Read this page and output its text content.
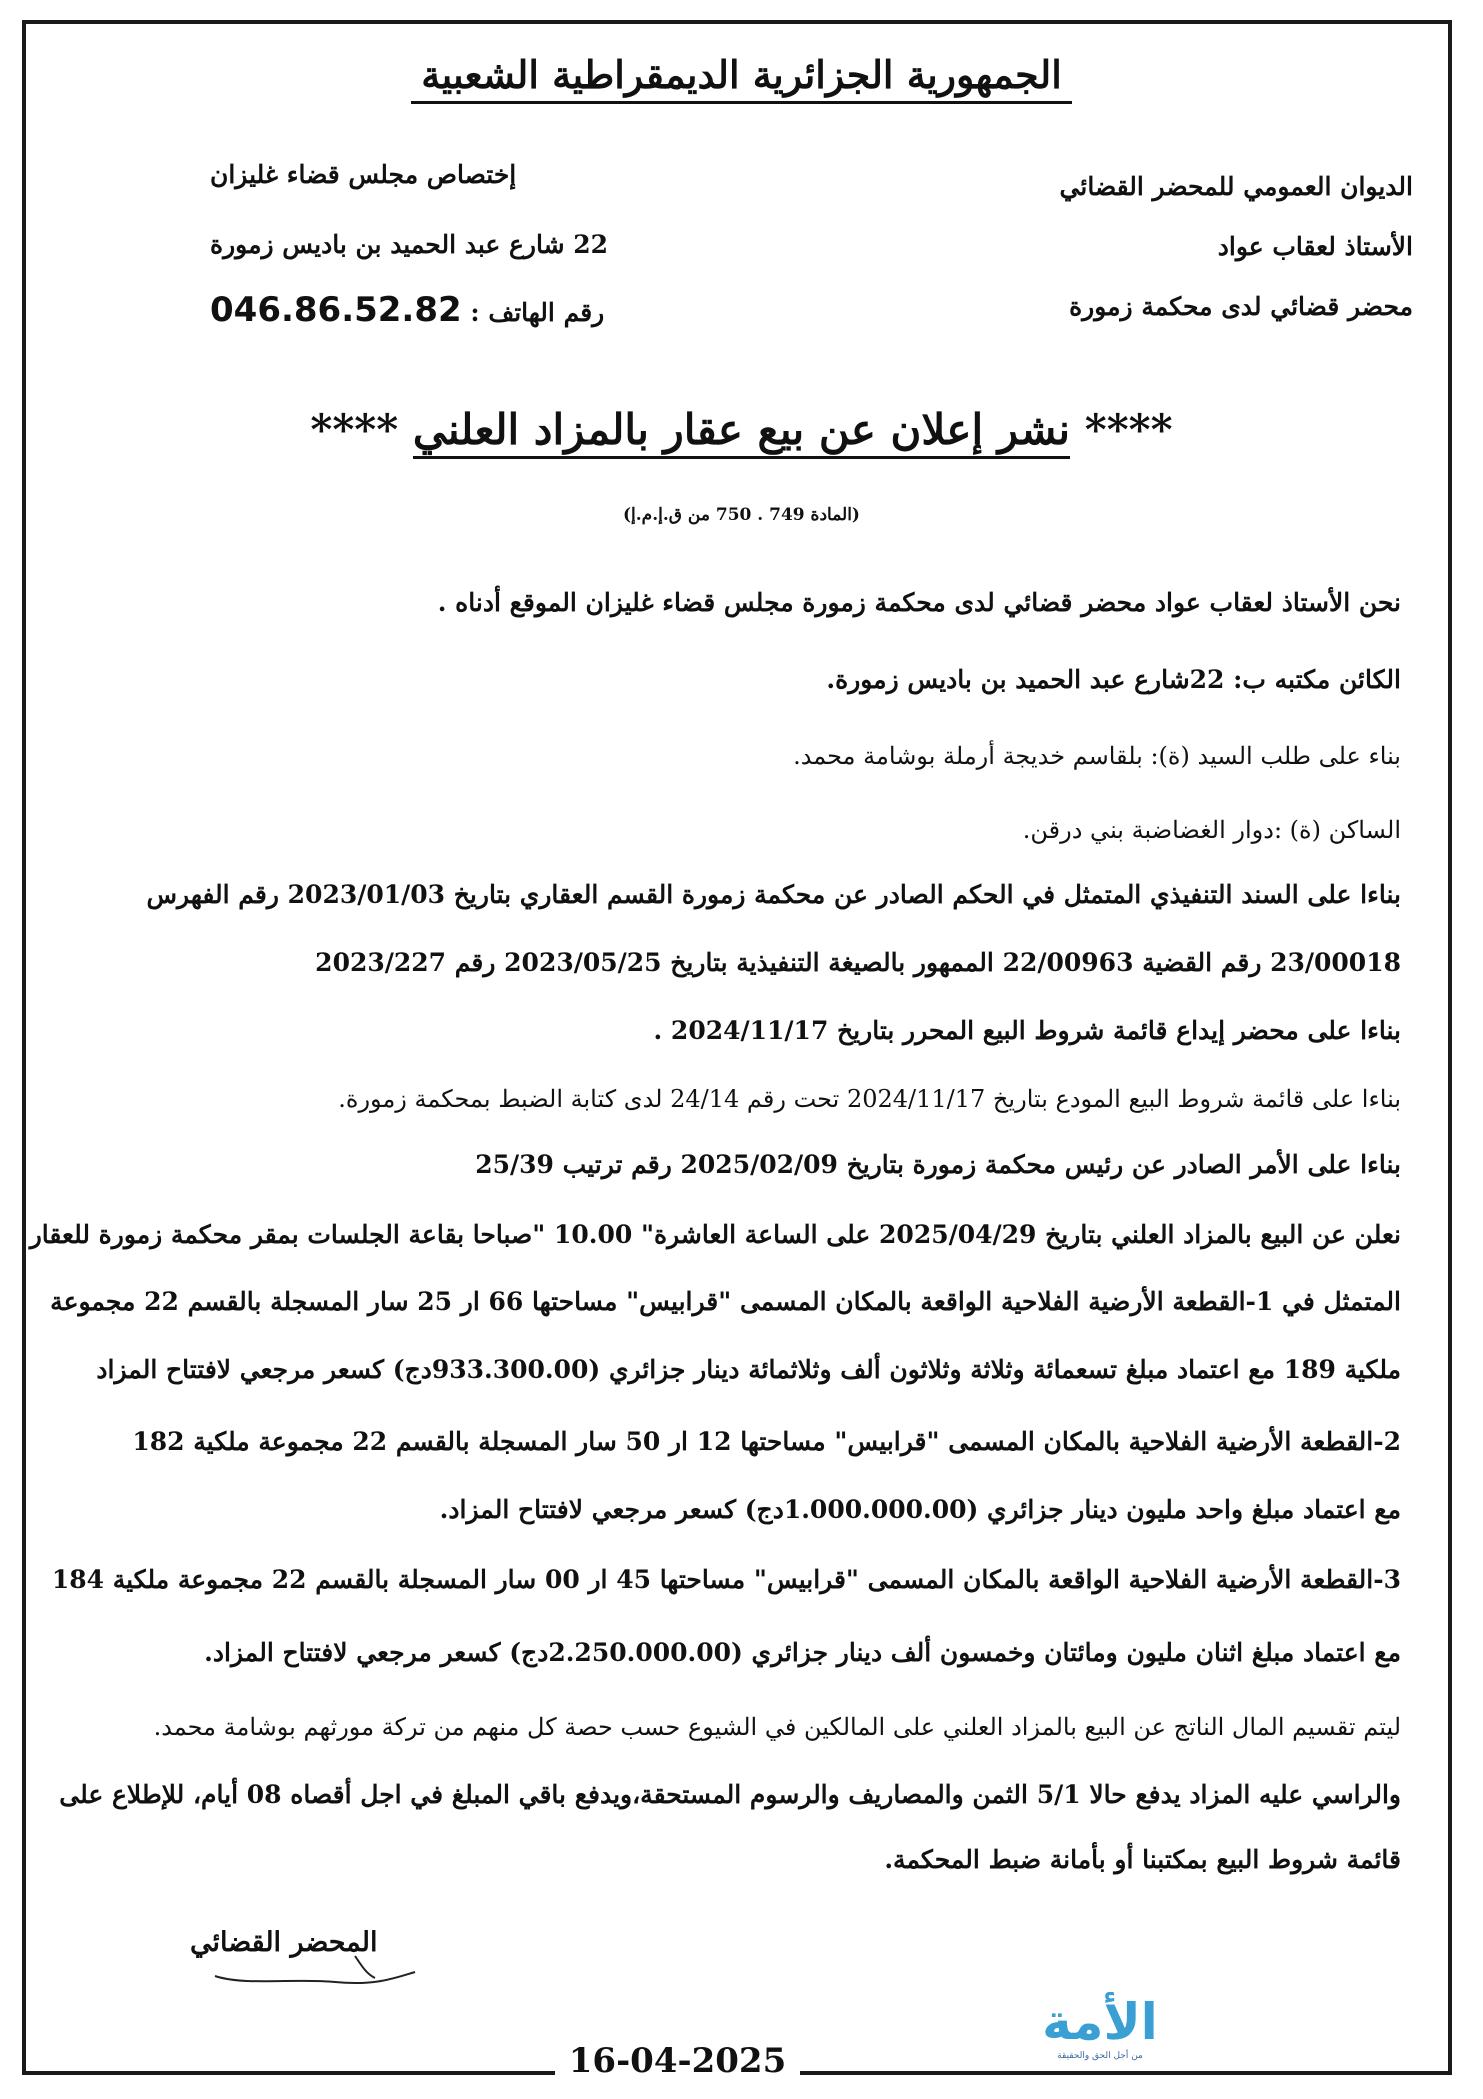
الجمهورية الجزائرية الديمقراطية الشعبية
الديوان العمومي للمحضر القضائي
الأستاذ لعقاب عواد
محضر قضائي لدى محكمة زمورة
إختصاص مجلس قضاء غليزان
22 شارع عبد الحميد بن باديس زمورة
رقم الهاتف : 046.86.52.82
**** نشر إعلان عن بيع عقار بالمزاد العلني ****
(المادة 749 . 750 من ق.إ.م.إ)
نحن الأستاذ لعقاب عواد محضر قضائي لدى محكمة زمورة مجلس قضاء غليزان الموقع أدناه .
الكائن مكتبه ب: 22شارع عبد الحميد بن باديس زمورة.
بناء على طلب السيد (ة): بلقاسم خديجة أرملة بوشامة محمد.
الساكن (ة) :دوار الغضاضبة بني درقن.
بناءا على السند التنفيذي المتمثل في الحكم الصادر عن محكمة زمورة القسم العقاري بتاريخ 2023/01/03 رقم الفهرس
23/00018 رقم القضية 22/00963 الممهور بالصيغة التنفيذية بتاريخ 2023/05/25 رقم 2023/227
بناءا على محضر إيداع قائمة شروط البيع المحرر بتاريخ 2024/11/17 .
بناءا على قائمة شروط البيع المودع بتاريخ 2024/11/17 تحت رقم 24/14 لدى كتابة الضبط بمحكمة زمورة.
بناءا على الأمر الصادر عن رئيس محكمة زمورة بتاريخ 2025/02/09 رقم ترتيب 25/39
نعلن عن البيع بالمزاد العلني بتاريخ 2025/04/29 على الساعة العاشرة" 10.00 "صباحا بقاعة الجلسات بمقر محكمة زمورة للعقار
المتمثل في 1-القطعة الأرضية الفلاحية الواقعة بالمكان المسمى "قرابيس" مساحتها 66 ار 25 سار المسجلة بالقسم 22 مجموعة
ملكية 189 مع اعتماد مبلغ تسعمائة وثلاثة وثلاثون ألف وثلاثمائة دينار جزائري (933.300.00دج) كسعر مرجعي لافتتاح المزاد
2-القطعة الأرضية الفلاحية بالمكان المسمى "قرابيس" مساحتها 12 ار 50 سار المسجلة بالقسم 22 مجموعة ملكية 182
مع اعتماد مبلغ واحد مليون دينار جزائري (1.000.000.00دج) كسعر مرجعي لافتتاح المزاد.
3-القطعة الأرضية الفلاحية الواقعة بالمكان المسمى "قرابيس" مساحتها 45 ار 00 سار المسجلة بالقسم 22 مجموعة ملكية 184
مع اعتماد مبلغ اثنان مليون ومائتان وخمسون ألف دينار جزائري (2.250.000.00دج) كسعر مرجعي لافتتاح المزاد.
ليتم تقسيم المال الناتج عن البيع بالمزاد العلني على المالكين في الشيوع حسب حصة كل منهم من تركة مورثهم بوشامة محمد.
والراسي عليه المزاد يدفع حالا 5/1 الثمن والمصاريف والرسوم المستحقة،ويدفع باقي المبلغ في اجل أقصاه 08 أيام، للإطلاع على
قائمة شروط البيع بمكتبنا أو بأمانة ضبط المحكمة.
المحضر القضائي
الأمة
من أجل الحق والحقيقة
16-04-2025
